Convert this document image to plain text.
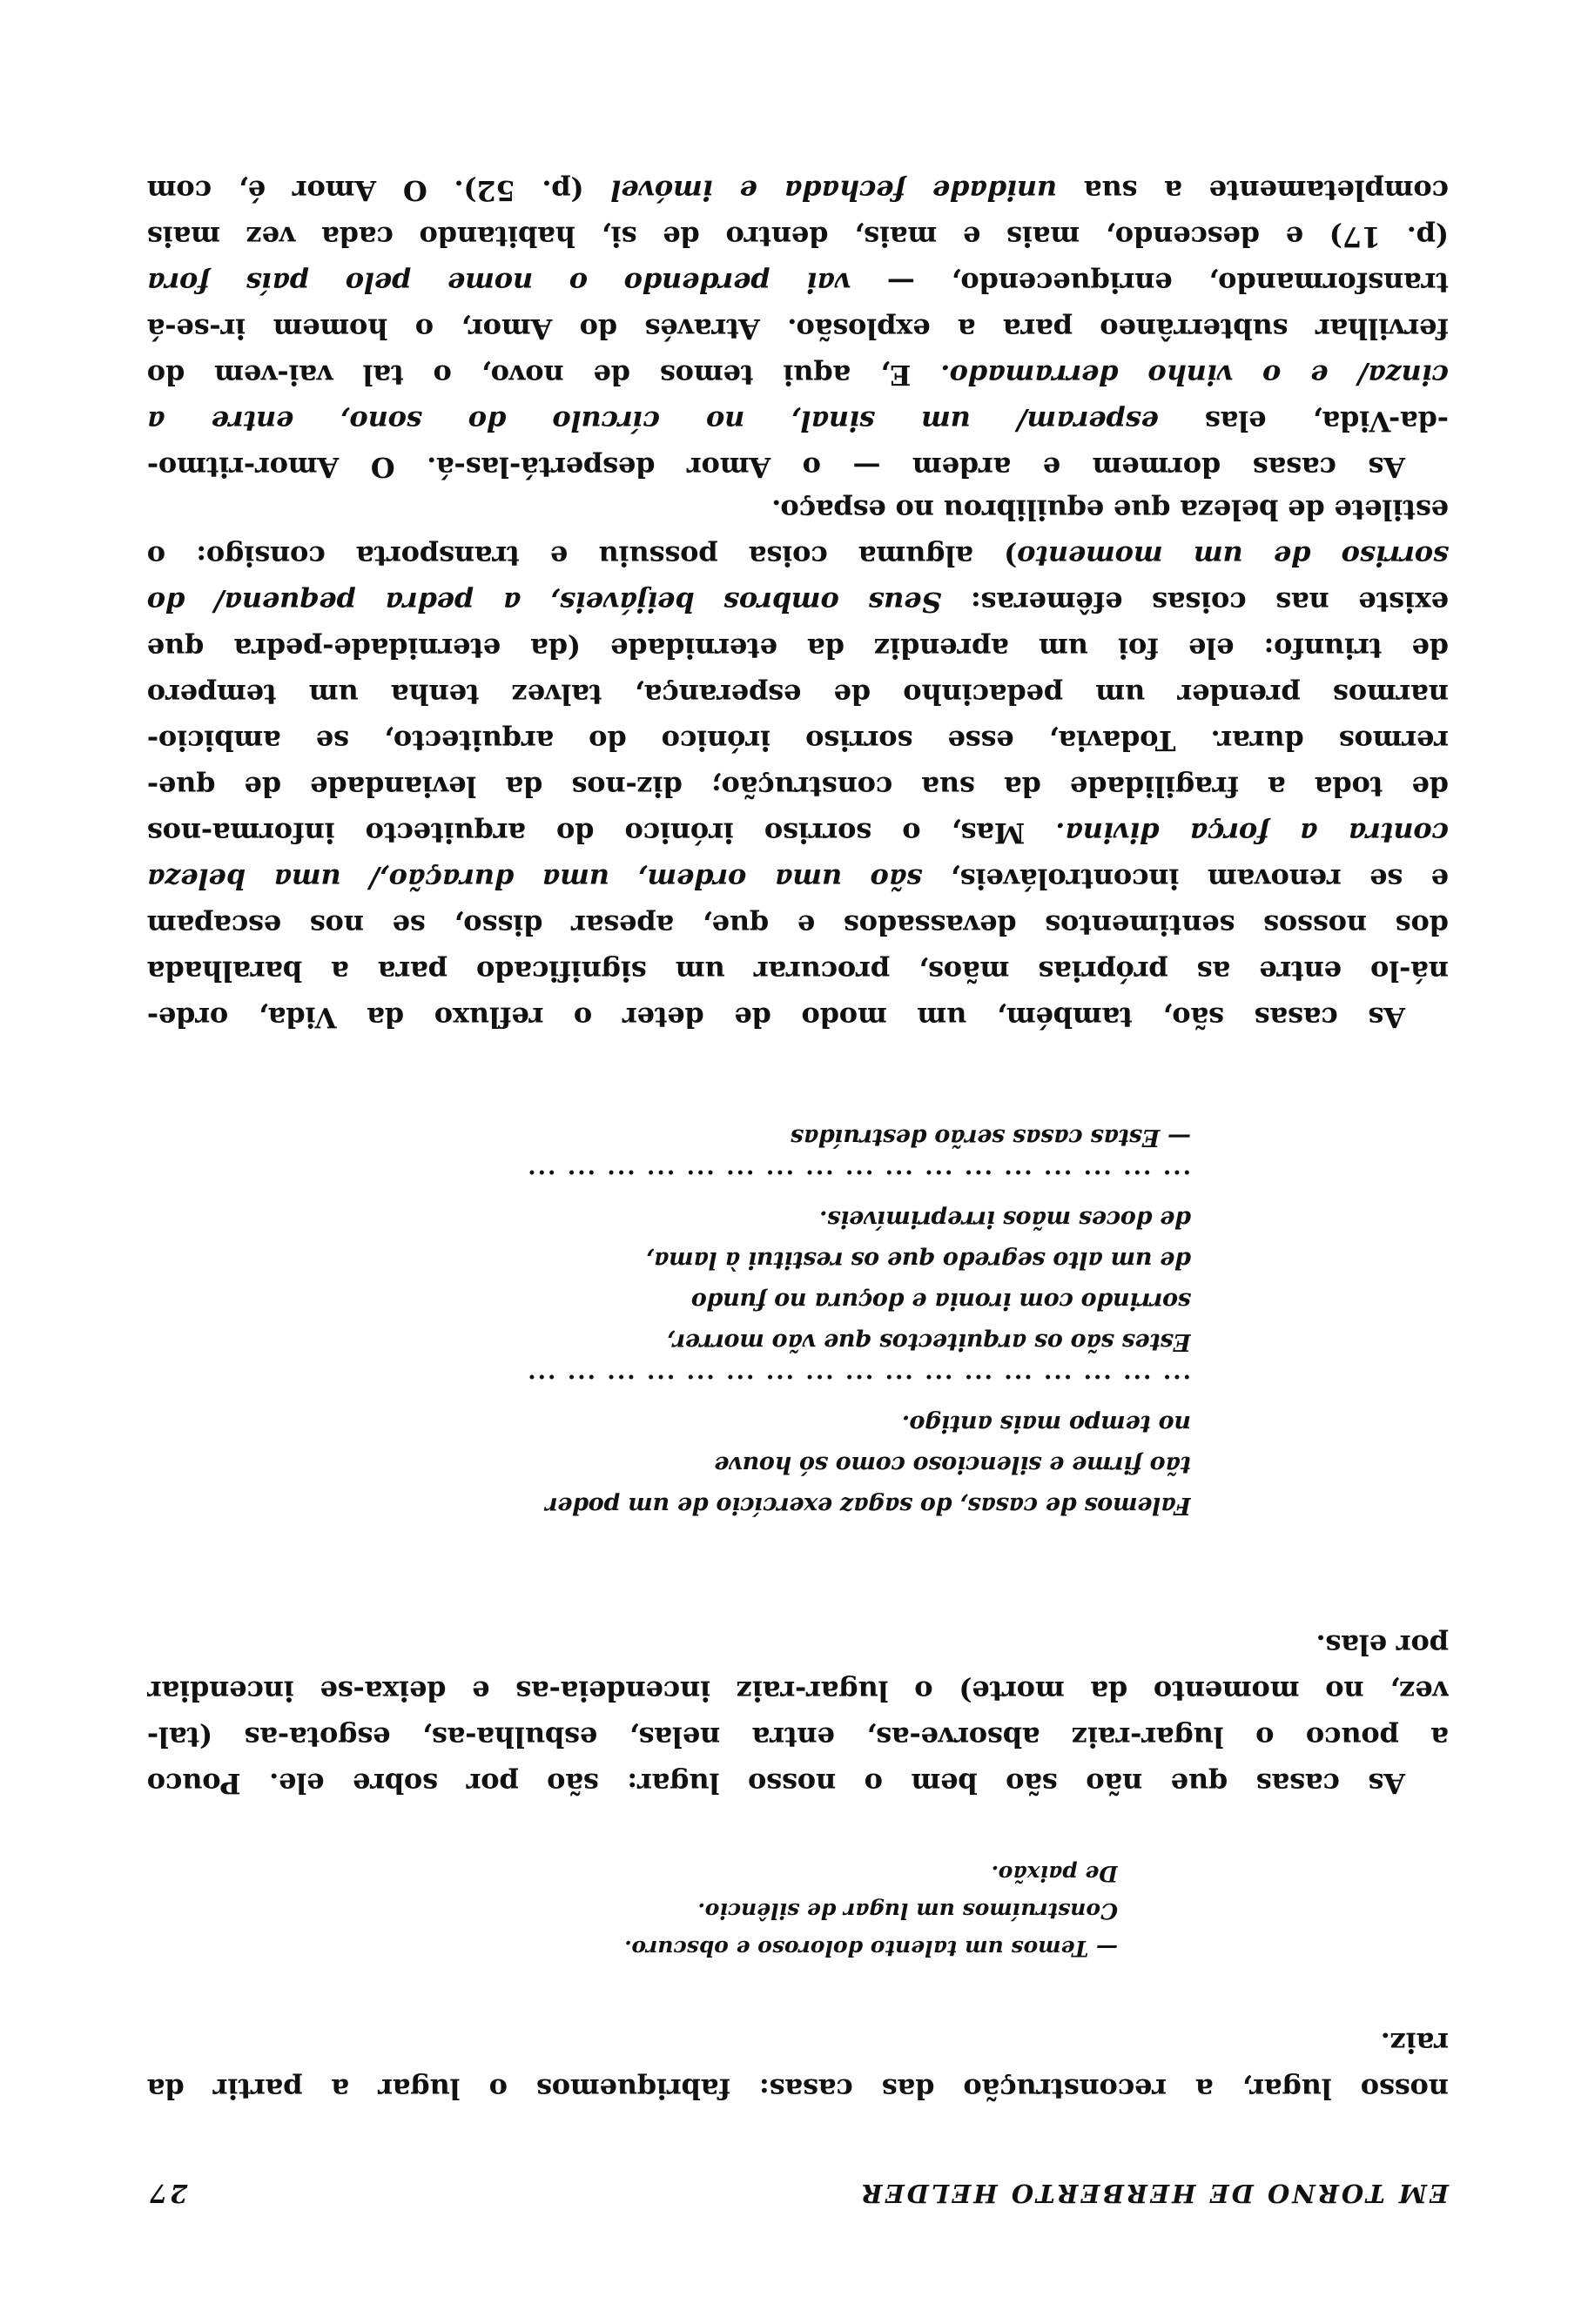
EM TORNO DE HERBERTO HELDER
27
nosso lugar, a reconstrução das casas: fabriquemos o lugar a partir da
raiz.
— Temos um talento doloroso e obscuro.
Construímos um lugar de silêncio.
De paixão.
As casas que não são bem o nosso lugar: são por sobre ele. Pouco
a pouco o lugar-raiz absorve-as, entra nelas, esbulha-as, esgota-as (tal-
vez, no momento da morte) o lugar-raiz incendeia-as e deixa-se incendiar
por elas.
Falemos de casas, do sagaz exercício de um poder
tão firme e silencioso como só houve
no tempo mais antigo.
... ... ... ... ... ... ... ... ... ... ... ... ... ... ... ... ...
Estes são os arquitectos que vão morrer,
sorrindo com ironia e doçura no fundo
de um alto segredo que os restitui à lama,
de doces mãos irreprimíveis.
... ... ... ... ... ... ... ... ... ... ... ... ... ... ... ... ...
— Estas casas serão destruídas
As casas são, também, um modo de deter o refluxo da Vida, orde-
ná-lo entre as próprias mãos, procurar um significado para a baralhada
dos nossos sentimentos devassados e que, apesar disso, se nos escapam
e se renovam incontroláveis, são uma ordem, uma duração,/ uma beleza
contra a força divina. Mas, o sorriso irónico do arquitecto informa-nos
de toda a fragilidade da sua construção; diz-nos da leviandade de que-
rermos durar. Todavia, esse sorriso irónico do arquitecto, se ambicio-
narmos prender um pedacinho de esperança, talvez tenha um tempero
de triunfo: ele foi um aprendiz da eternidade (da eternidade-pedra que
existe nas coisas efêmeras: Seus ombros beijáveis, a pedra pequena/ do
sorriso de um momento) alguma coisa possuiu e transporta consigo: o
estilete de beleza que equilibrou no espaço.
As casas dormem e ardem — o Amor despertá-las-á. O Amor-ritmo-
-da-Vida, elas esperam/ um sinal, no círculo do sono, entre a
cinza/ e o vinho derramado. E, aqui temos de novo, o tal vai-vem do
fervilhar subterrâneo para a explosão. Através do Amor, o homem ir-se-á
transformando, enriquecendo, — vai perdendo o nome pelo país fora
(p. 17) e descendo, mais e mais, dentro de si, habitando cada vez mais
completamente a sua unidade fechada e imóvel (p. 52). O Amor é, com
